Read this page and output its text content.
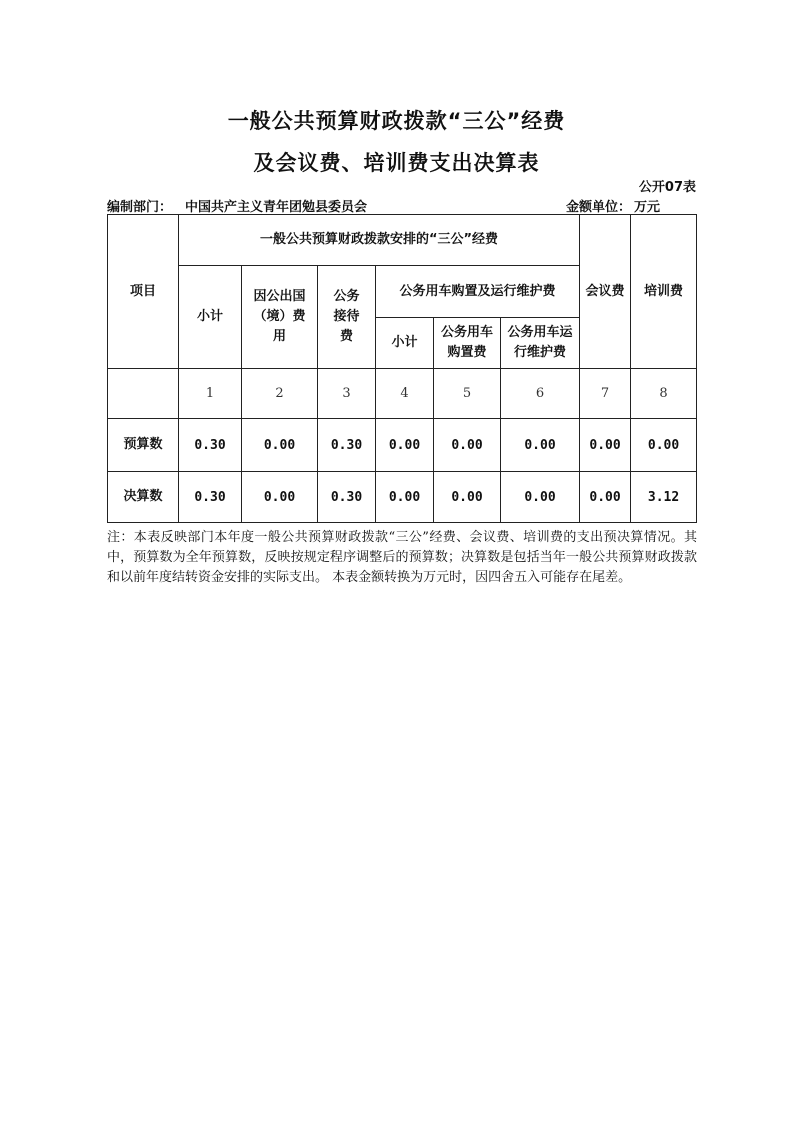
一般公共预算财政拨款“三公”经费
及会议费、培训费支出决算表
公开07表
编制部门： 中国共产主义青年团勉县委员会	金额单位： 万元
项目	一般公共预算财政拨款安排的“三公”经费						会议费	培训费
	小计	因公出国（境）费用	公务接待费	公务用车购置及运行维护费				
				小计	公务用车购置费	公务用车运行维护费		
	1	2	3	4	5	6	7	8
预算数	0.30	0.00	0.30	0.00	0.00	0.00	0.00	0.00
决算数	0.30	0.00	0.30	0.00	0.00	0.00	0.00	3.12
注：本表反映部门本年度一般公共预算财政拨款“三公”经费、会议费、培训费的支出预决算情况。其中，预算数为全年预算数，反映按规定程序调整后的预算数；决算数是包括当年一般公共预算财政拨款和以前年度结转资金安排的实际支出。 本表金额转换为万元时，因四舍五入可能存在尾差。
